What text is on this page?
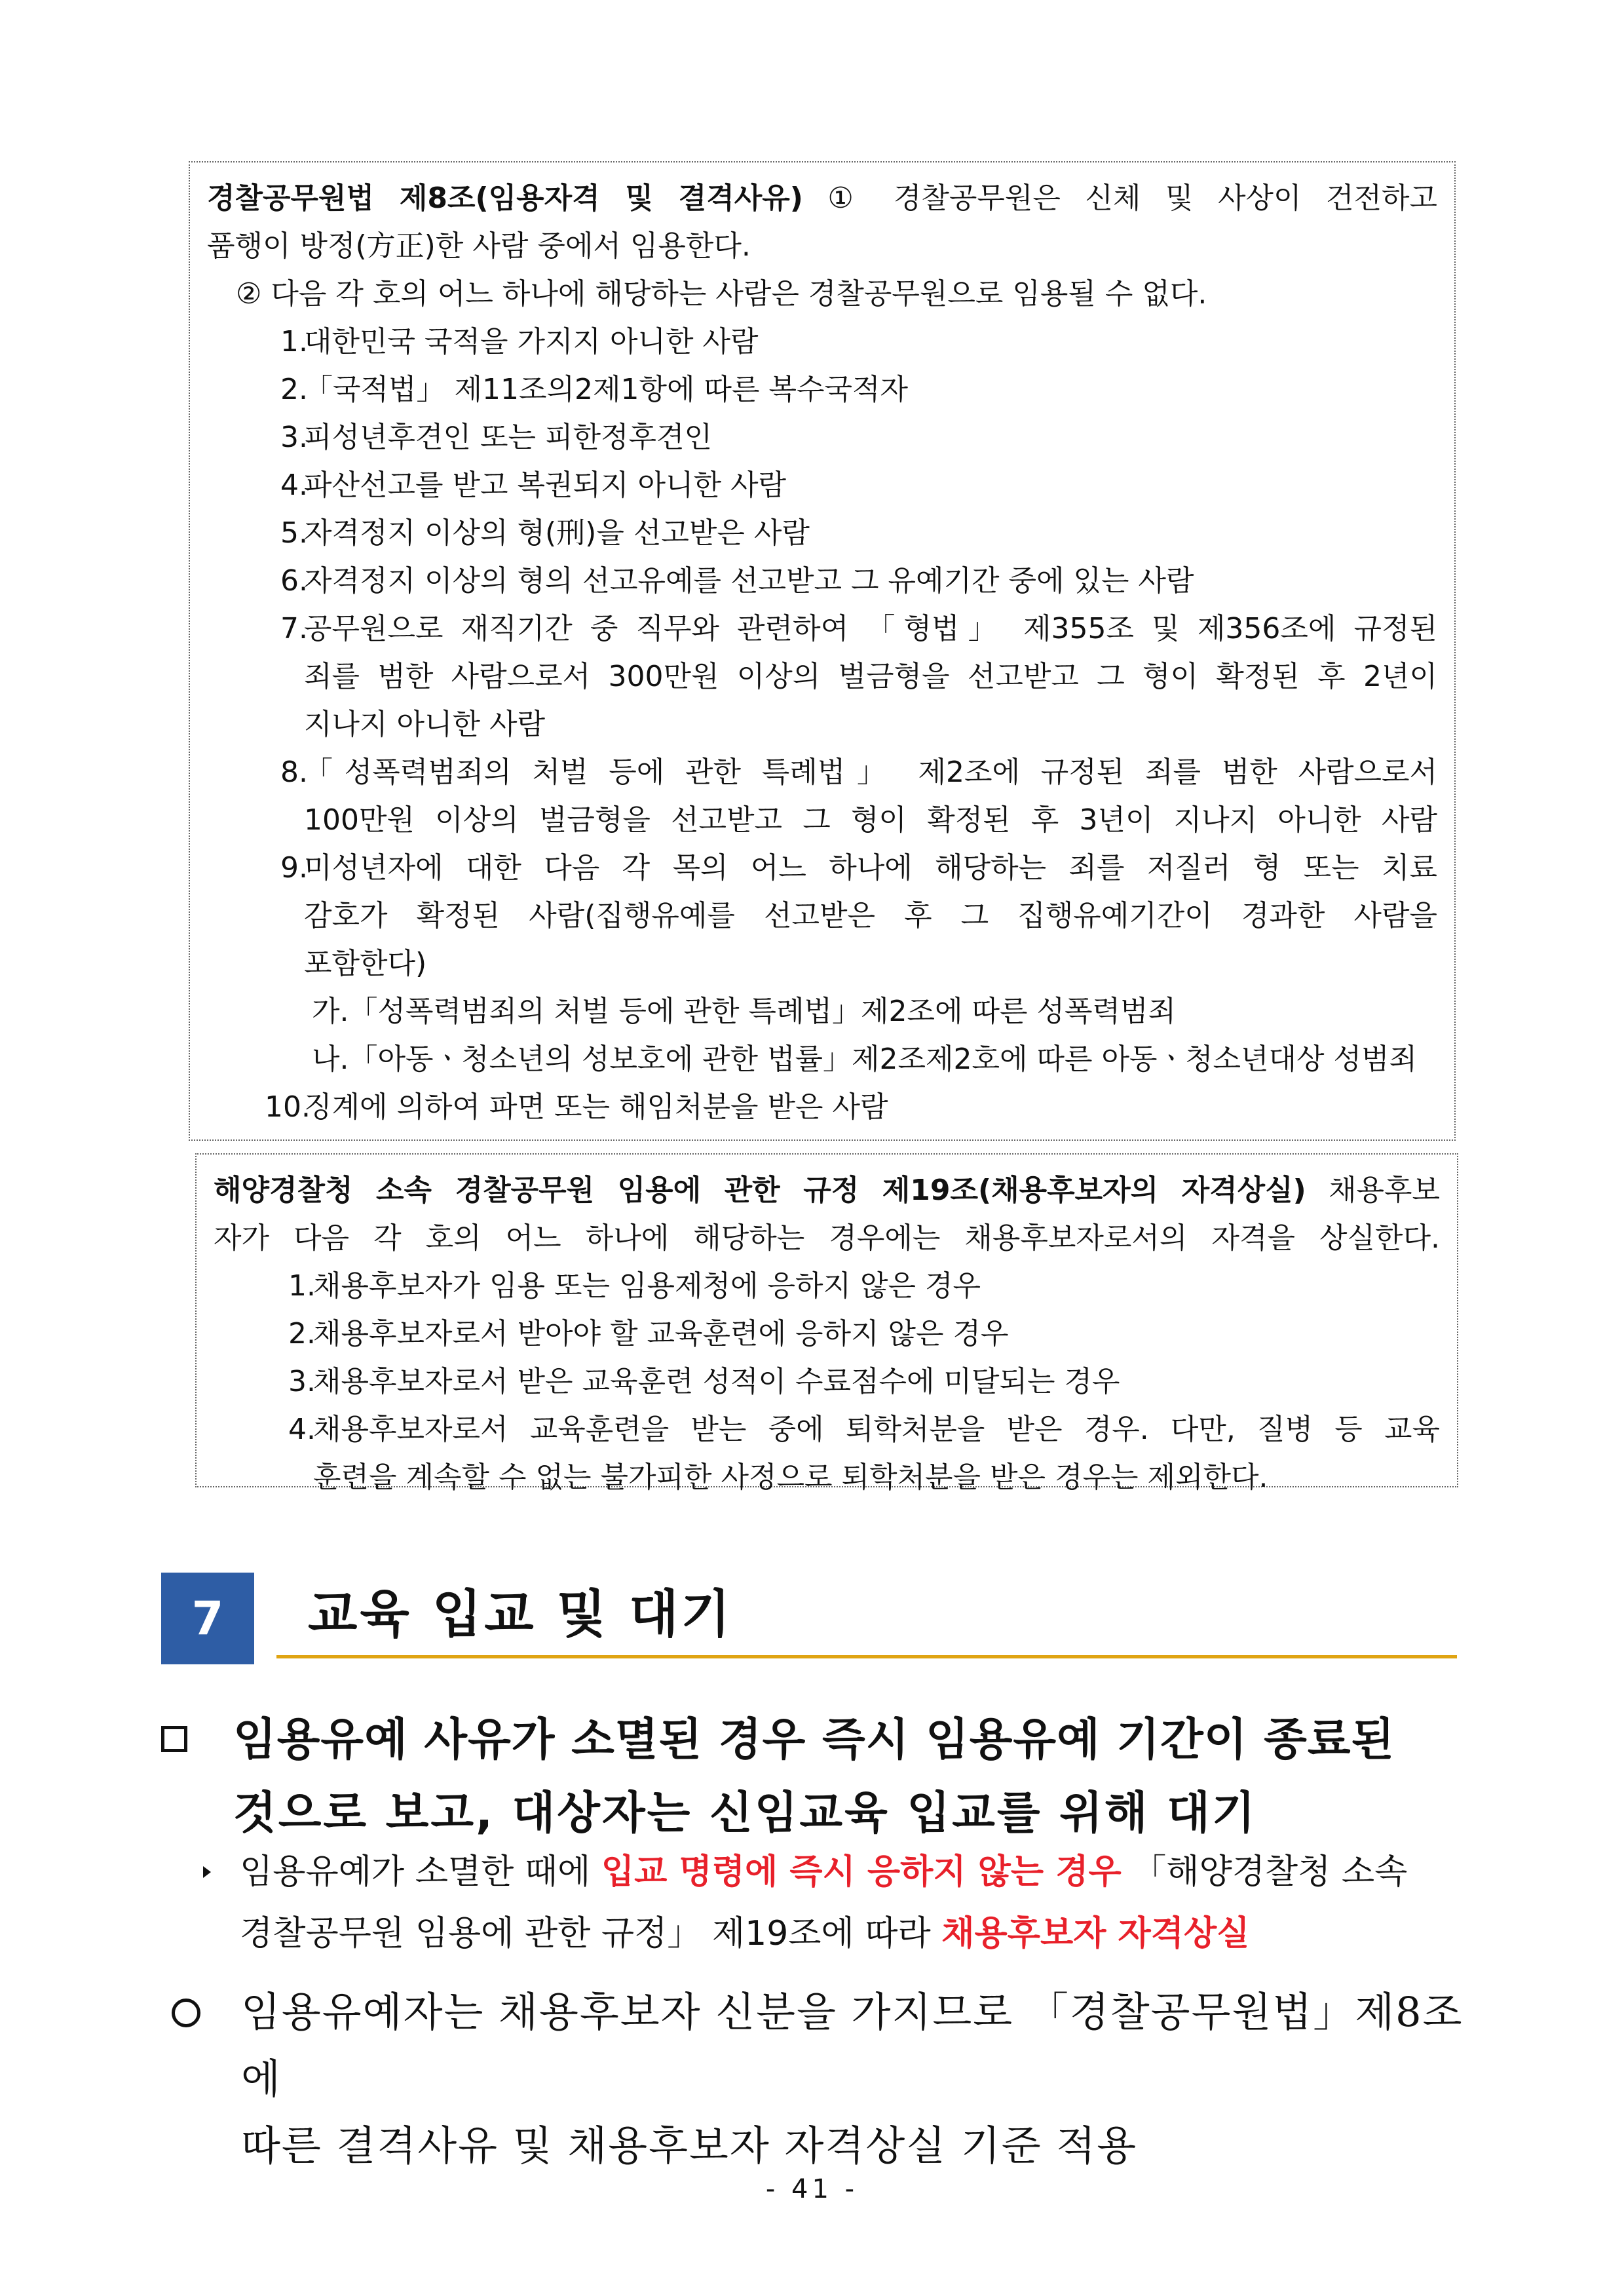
경찰공무원법 제8조(임용자격 및 결격사유) ① 경찰공무원은 신체 및 사상이 건전하고

품행이 방정(方正)한 사람 중에서 임용한다.

② 다음 각 호의 어느 하나에 해당하는 사람은 경찰공무원으로 임용될 수 없다.

1.

대한민국 국적을 가지지 아니한 사람

2.

「국적법」 제11조의2제1항에 따른 복수국적자

3.

피성년후견인 또는 피한정후견인

4.

파산선고를 받고 복권되지 아니한 사람

5.

자격정지 이상의 형(刑)을 선고받은 사람

6.

자격정지 이상의 형의 선고유예를 선고받고 그 유예기간 중에 있는 사람

7.

공무원으로 재직기간 중 직무와 관련하여 「형법」 제355조 및 제356조에 규정된

죄를 범한 사람으로서 300만원 이상의 벌금형을 선고받고 그 형이 확정된 후 2년이

지나지 아니한 사람

8.

「성폭력범죄의 처벌 등에 관한 특례법」 제2조에 규정된 죄를 범한 사람으로서

100만원 이상의 벌금형을 선고받고 그 형이 확정된 후 3년이 지나지 아니한 사람

9.

미성년자에 대한 다음 각 목의 어느 하나에 해당하는 죄를 저질러 형 또는 치료

감호가 확정된 사람(집행유예를 선고받은 후 그 집행유예기간이 경과한 사람을

포함한다)

가.「성폭력범죄의 처벌 등에 관한 특례법」제2조에 따른 성폭력범죄

나.「아동ㆍ청소년의 성보호에 관한 법률」제2조제2호에 따른 아동ㆍ청소년대상 성범죄

10.

징계에 의하여 파면 또는 해임처분을 받은 사람

해양경찰청 소속 경찰공무원 임용에 관한 규정 제19조(채용후보자의 자격상실) 채용후보

자가 다음 각 호의 어느 하나에 해당하는 경우에는 채용후보자로서의 자격을 상실한다.

1.

채용후보자가 임용 또는 임용제청에 응하지 않은 경우

2.

채용후보자로서 받아야 할 교육훈련에 응하지 않은 경우

3.

채용후보자로서 받은 교육훈련 성적이 수료점수에 미달되는 경우

4.

채용후보자로서 교육훈련을 받는 중에 퇴학처분을 받은 경우. 다만, 질병 등 교육

훈련을 계속할 수 없는 불가피한 사정으로 퇴학처분을 받은 경우는 제외한다.

7	교육 입교 및 대기
임용유예 사유가 소멸된 경우 즉시 임용유예 기간이 종료된
것으로 보고, 대상자는 신임교육 입교를 위해 대기
임용유예가 소멸한 때에 입교 명령에 즉시 응하지 않는 경우 「해양경찰청 소속
경찰공무원 임용에 관한 규정」 제19조에 따라 채용후보자 자격상실
임용유예자는 채용후보자 신분을 가지므로 「경찰공무원법」제8조에
따른 결격사유 및 채용후보자 자격상실 기준 적용
- 41 -
